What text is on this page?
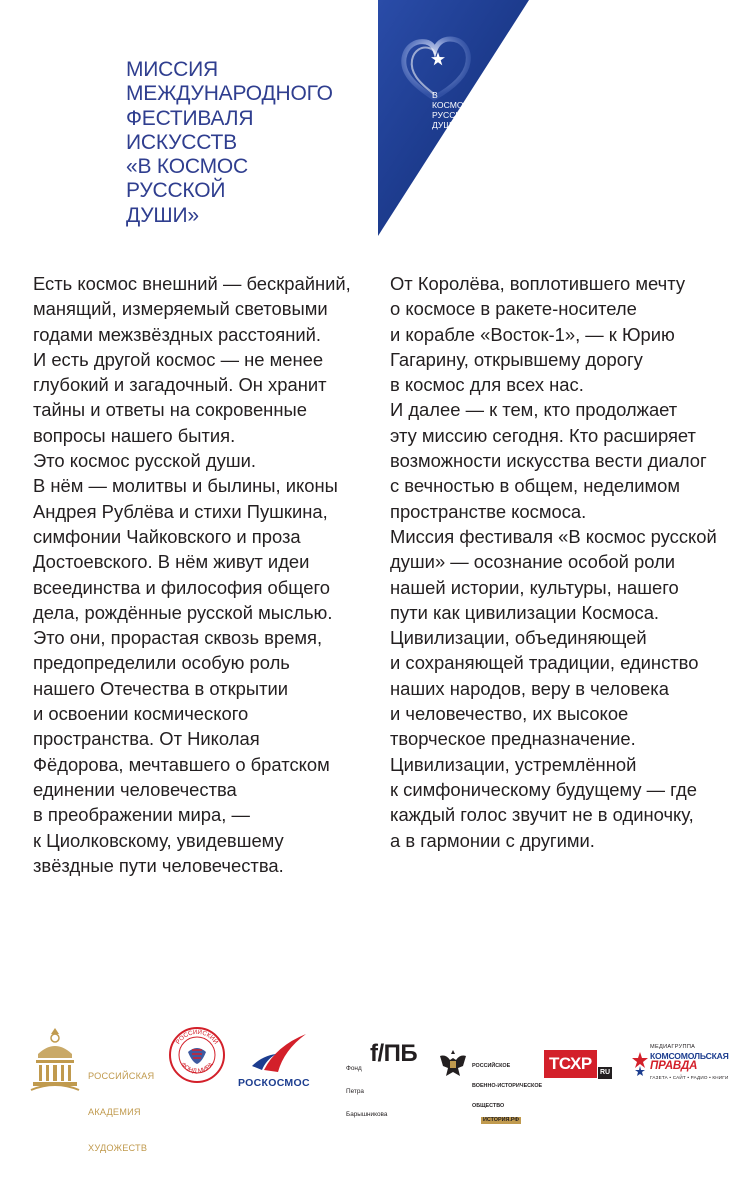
МИССИЯ
МЕЖДУНАРОДНОГО
ФЕСТИВАЛЯ
ИСКУССТВ
«В КОСМОС
РУССКОЙ
ДУШИ»
В
КОСМОС
РУССКОЙ
ДУШИ
Есть космос внешний — бескрайний,
манящий, измеряемый световыми
годами межзвёздных расстояний.
И есть другой космос — не менее
глубокий и загадочный. Он хранит
тайны и ответы на сокровенные
вопросы нашего бытия.
Это космос русской души.
В нём — молитвы и былины, иконы
Андрея Рублёва и стихи Пушкина,
симфонии Чайковского и проза
Достоевского. В нём живут идеи
всеединства и философия общего
дела, рождённые русской мыслью.
Это они, прорастая сквозь время,
предопределили особую роль
нашего Отечества в открытии
и освоении космического
пространства. От Николая
Фёдорова, мечтавшего о братском
единении человечества
в преображении мира, —
к Циолковскому, увидевшему
звёздные пути человечества.
От Королёва, воплотившего мечту
о космосе в ракете-носителе
и корабле «Восток-1», — к Юрию
Гагарину, открывшему дорогу
в космос для всех нас.
И далее — к тем, кто продолжает
эту миссию сегодня. Кто расширяет
возможности искусства вести диалог
с вечностью в общем, неделимом
пространстве космоса.
Миссия фестиваля «В космос русской
души» — осознание особой роли
нашей истории, культуры, нашего
пути как цивилизации Космоса.
Цивилизации, объединяющей
и сохраняющей традиции, единство
наших народов, веру в человека
и человечество, их высокое
творческое предназначение.
Цивилизации, устремлённой
к симфоническому будущему — где
каждый голос звучит не в одиночку,
а в гармонии с другими.

РОССИЙСКАЯ

АКАДЕМИЯ

ХУДОЖЕСТВ

РОССИЙСКИЙ
ФОНД МИРА
РОСКОСМОС

Фонд

Петра

Барышникова

f/ПБ

	РОССИЙСКОЕ

ВОЕННО-ИСТОРИЧЕСКОЕ

ОБЩЕСТВО

ИСТОРИЯ.РФ

ТСХР	RU
МЕДИАГРУППА
КОМСОМОЛЬСКАЯ
ПРАВДА
ГАЗЕТА • САЙТ • РАДИО • КНИГИ
